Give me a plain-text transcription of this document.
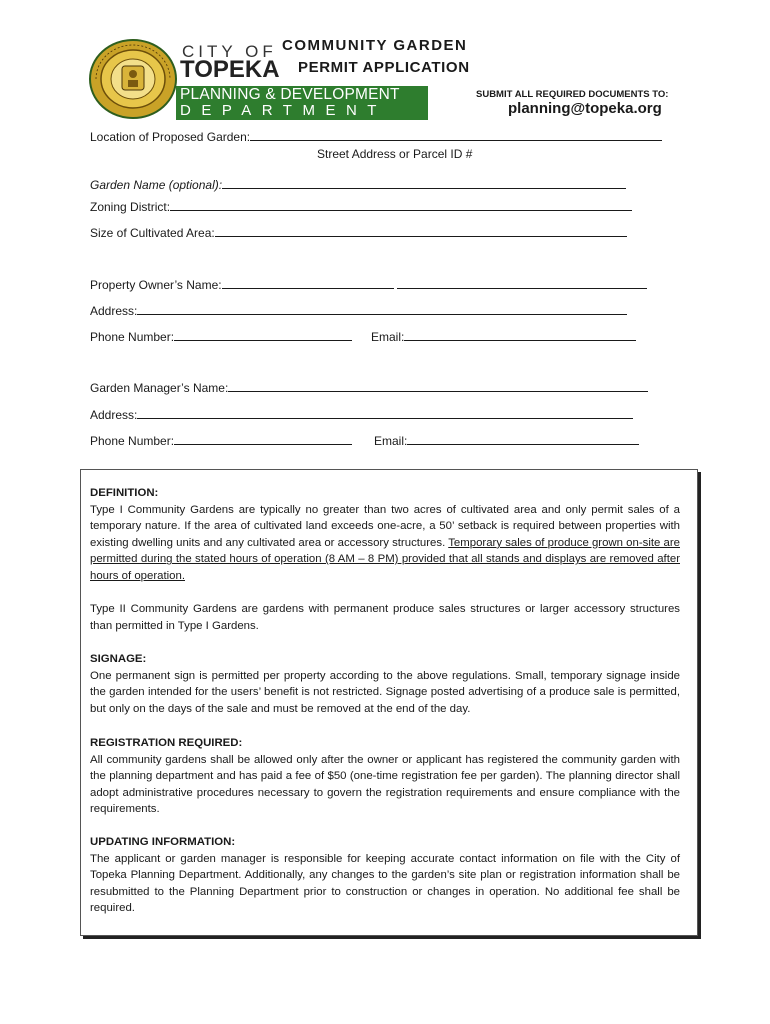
CITY OF
TOPEKA
PLANNING & DEVELOPMENT
DEPARTMENT
COMMUNITY GARDEN
PERMIT APPLICATION
SUBMIT ALL REQUIRED DOCUMENTS TO:
planning@topeka.org
Location of Proposed Garden:
Street Address or Parcel ID #
Garden Name (optional):
Zoning District:
Size of Cultivated Area:
Property Owner’s Name:
Address:
Phone Number:	Email:
Garden Manager’s Name:
Address:
Phone Number:	Email:
DEFINITION:
Type I Community Gardens are typically no greater than two acres of cultivated area and only permit sales of a temporary nature. If the area of cultivated land exceeds one-acre, a 50’ setback is required between properties with existing dwelling units and any cultivated area or accessory structures. Temporary sales of produce grown on-site are permitted during the stated hours of operation (8 AM – 8 PM) provided that all stands and displays are removed after hours of operation.
Type II Community Gardens are gardens with permanent produce sales structures or larger accessory structures than permitted in Type I Gardens.
SIGNAGE:
One permanent sign is permitted per property according to the above regulations. Small, temporary signage inside the garden intended for the users’ benefit is not restricted. Signage posted advertising of a produce sale is permitted, but only on the days of the sale and must be removed at the end of the day.
REGISTRATION REQUIRED:
All community gardens shall be allowed only after the owner or applicant has registered the community garden with the planning department and has paid a fee of $50 (one-time registration fee per garden). The planning director shall adopt administrative procedures necessary to govern the registration requirements and ensure compliance with the requirements.
UPDATING INFORMATION:
The applicant or garden manager is responsible for keeping accurate contact information on file with the City of Topeka Planning Department. Additionally, any changes to the garden’s site plan or registration information shall be resubmitted to the Planning Department prior to construction or changes in operation. No additional fee shall be required.
